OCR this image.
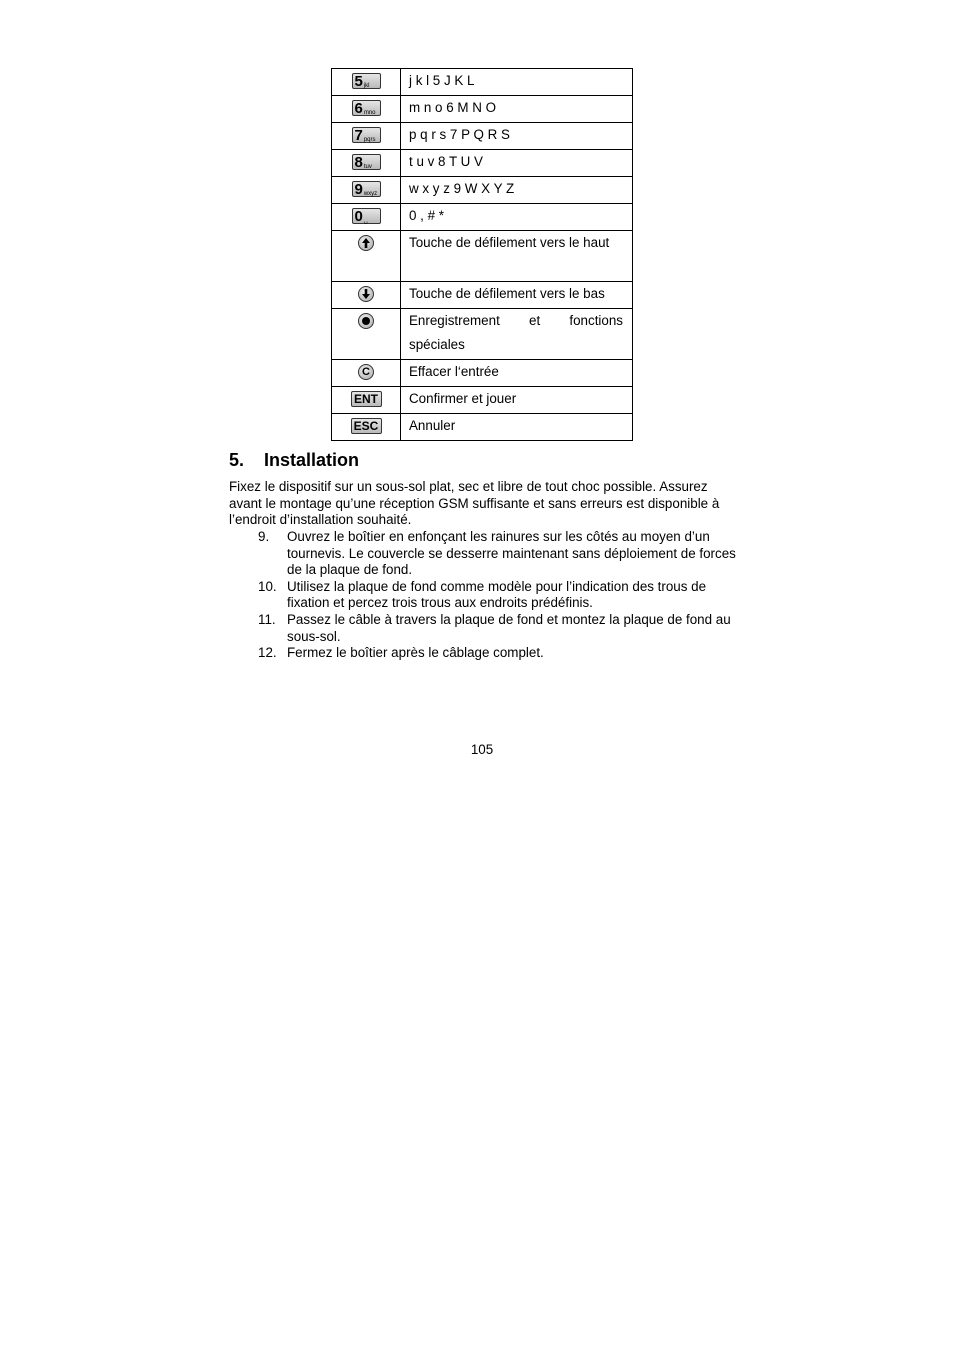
5jkl	j k l 5 J K L
6mno	m n o 6 M N O
7pqrs	p q r s 7 P Q R S
8tuv	t u v 8 T U V
9wxyz	w x y z 9 W X Y Z
0␣	0 , # *

	Touche de défilement vers le haut

	Touche de défilement vers le bas

	Enregistrement et fonctions spéciales
C	Effacer l‘entrée
ENT	Confirmer et jouer
ESC	Annuler
5. Installation

Fixez le dispositif sur un sous-sol plat, sec et libre de tout choc possible. Assurez avant le montage qu’une réception GSM suffisante et sans erreurs est disponible à l’endroit d’installation souhaité.

9. Ouvrez le boîtier en enfonçant les rainures sur les côtés au moyen d’un tournevis. Le couvercle se desserre maintenant sans déploiement de forces de la plaque de fond.
10. Utilisez la plaque de fond comme modèle pour l’indication des trous de fixation et percez trois trous aux endroits prédéfinis.
11. Passez le câble à travers la plaque de fond et montez la plaque de fond au sous-sol.
12. Fermez le boîtier après le câblage complet.
105
